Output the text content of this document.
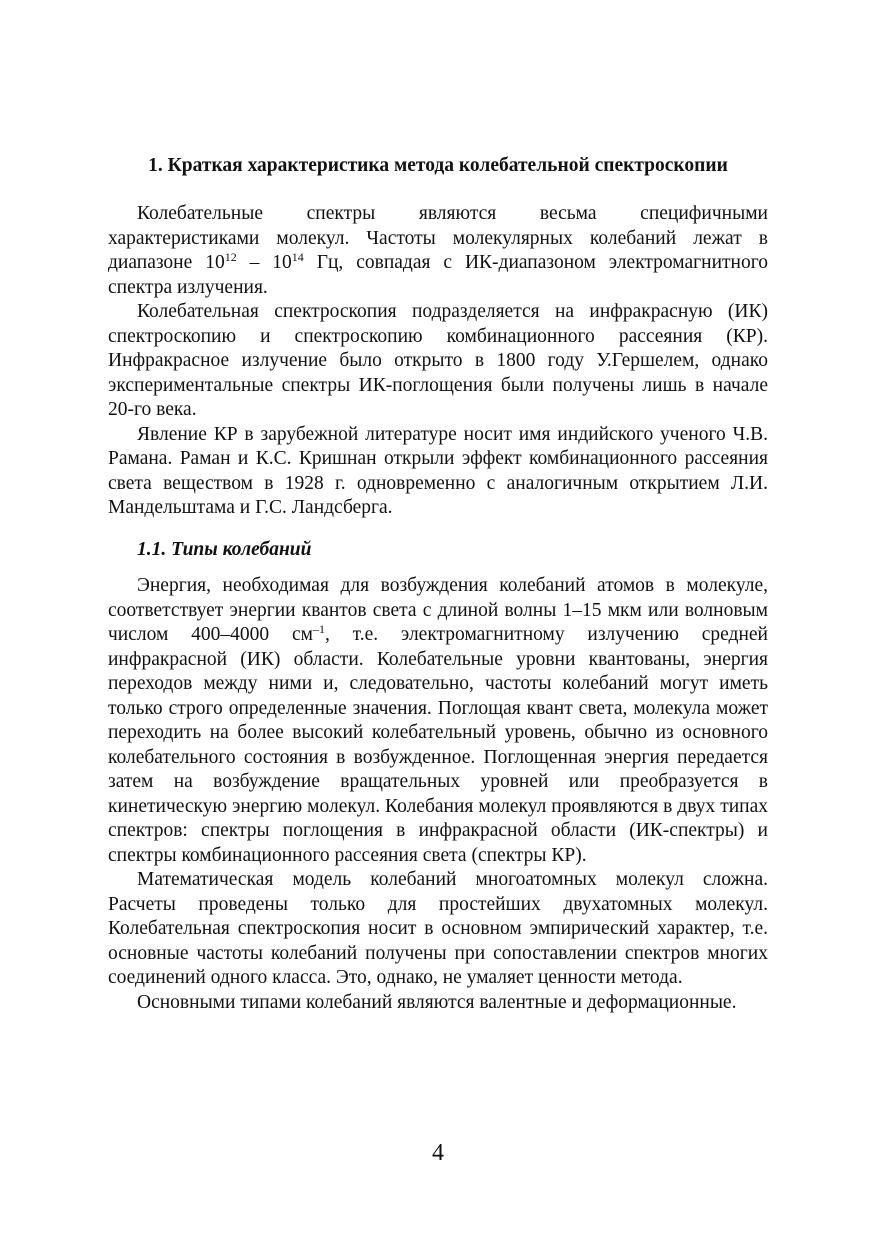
1. Краткая характеристика метода колебательной спектроскопии

Колебательные спектры являются весьма специфичными характеристиками молекул. Частоты молекулярных колебаний лежат в диапазоне $10^{12} - 10^{14}$ Гц, совпадая с ИК-диапазоном электромагнитного спектра излучения.

Колебательная спектроскопия подразделяется на инфракрасную (ИК) спектроскопию и спектроскопию комбинационного рассеяния (КР). Инфракрасное излучение было открыто в 1800 году У.Гершелем, однако экспериментальные спектры ИК-поглощения были получены лишь в начале 20-го века.

Явление КР в зарубежной литературе носит имя индийского ученого Ч.В. Рамана. Раман и К.С. Кришнан открыли эффект комбинационного рассеяния света веществом в 1928 г. одновременно с аналогичным открытием Л.И. Мандельштама и Г.С. Ландсберга.

1.1. Типы колебаний

Энергия, необходимая для возбуждения колебаний атомов в молекуле, соответствует энергии квантов света с длиной волны 1–15 мкм или волновым числом 400–4000 $см^{-1}$, т.е. электромагнитному излучению средней инфракрасной (ИК) области. Колебательные уровни квантованы, энергия переходов между ними и, следовательно, частоты колебаний могут иметь только строго определенные значения. Поглощая квант света, молекула может переходить на более высокий колебательный уровень, обычно из основного колебательного состояния в возбужденное. Поглощенная энергия передается затем на возбуждение вращательных уровней или преобразуется в кинетическую энергию молекул. Колебания молекул проявляются в двух типах спектров: спектры поглощения в инфракрасной области (ИК-спектры) и спектры комбинационного рассеяния света (спектры КР).

Математическая модель колебаний многоатомных молекул сложна. Расчеты проведены только для простейших двухатомных молекул. Колебательная спектроскопия носит в основном эмпирический характер, т.е. основные частоты колебаний получены при сопоставлении спектров многих соединений одного класса. Это, однако, не умаляет ценности метода.

Основными типами колебаний являются валентные и деформационные.

4
